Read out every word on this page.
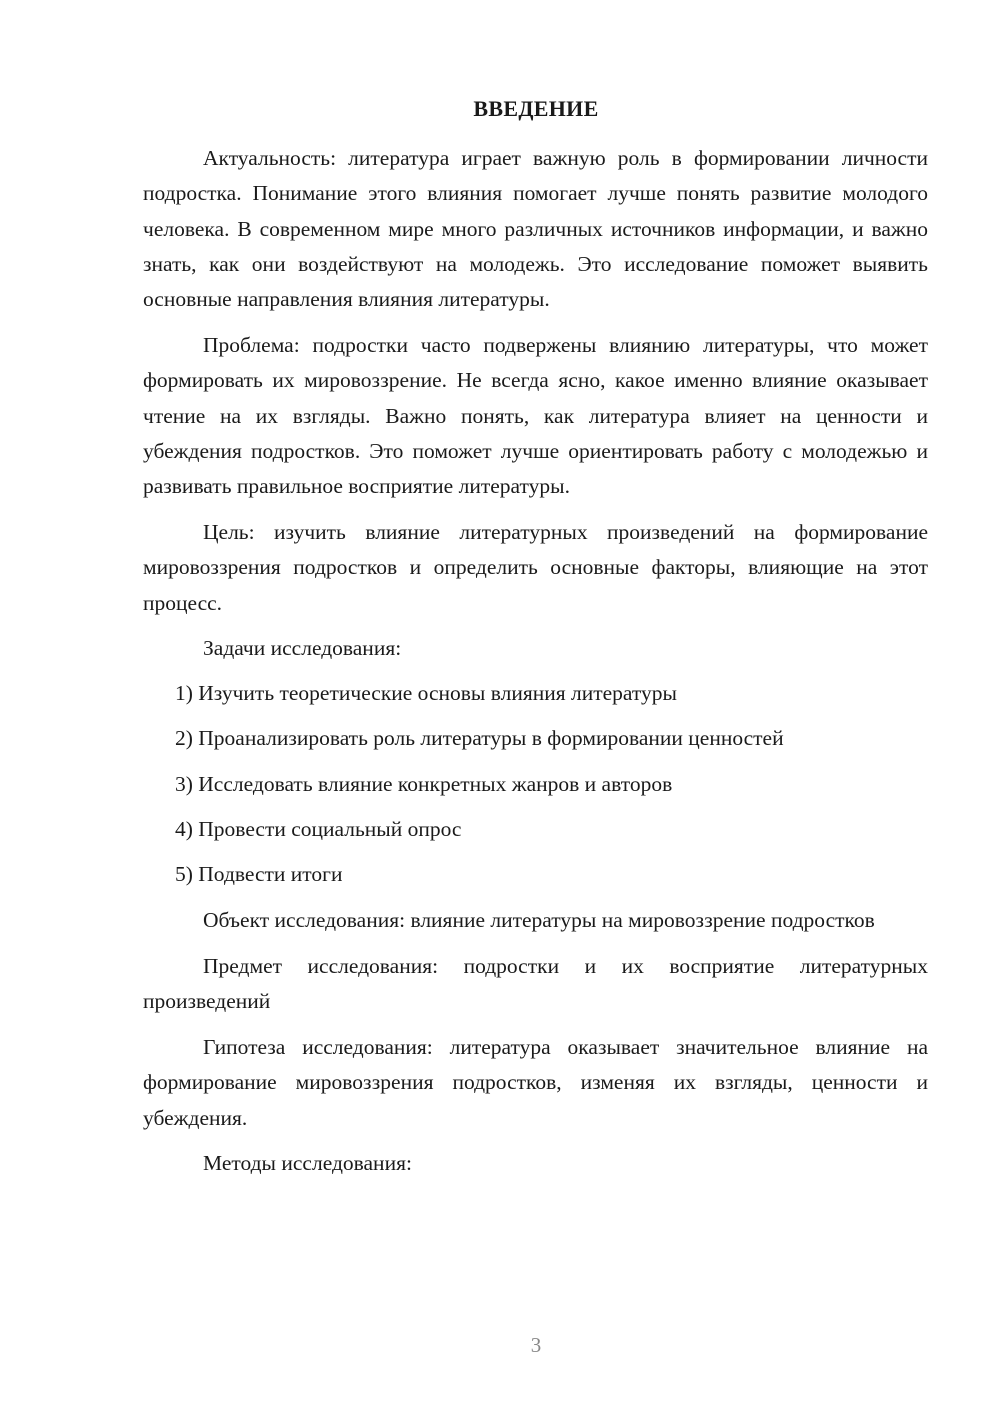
ВВЕДЕНИЕ

Актуальность: литература играет важную роль в формировании личности подростка. Понимание этого влияния помогает лучше понять развитие молодого человека. В современном мире много различных источников информации, и важно знать, как они воздействуют на молодежь. Это исследование поможет выявить основные направления влияния литературы.

Проблема: подростки часто подвержены влиянию литературы, что может формировать их мировоззрение. Не всегда ясно, какое именно влияние оказывает чтение на их взгляды. Важно понять, как литература влияет на ценности и убеждения подростков. Это поможет лучше ориентировать работу с молодежью и развивать правильное восприятие литературы.

Цель: изучить влияние литературных произведений на формирование мировоззрения подростков и определить основные факторы, влияющие на этот процесс.

Задачи исследования:

1) Изучить теоретические основы влияния литературы

2) Проанализировать роль литературы в формировании ценностей

3) Исследовать влияние конкретных жанров и авторов

4) Провести социальный опрос

5) Подвести итоги

Объект исследования: влияние литературы на мировоззрение подростков

Предмет исследования: подростки и их восприятие литературных произведений

Гипотеза исследования: литература оказывает значительное влияние на формирование мировоззрения подростков, изменяя их взгляды, ценности и убеждения.

Методы исследования:

3
